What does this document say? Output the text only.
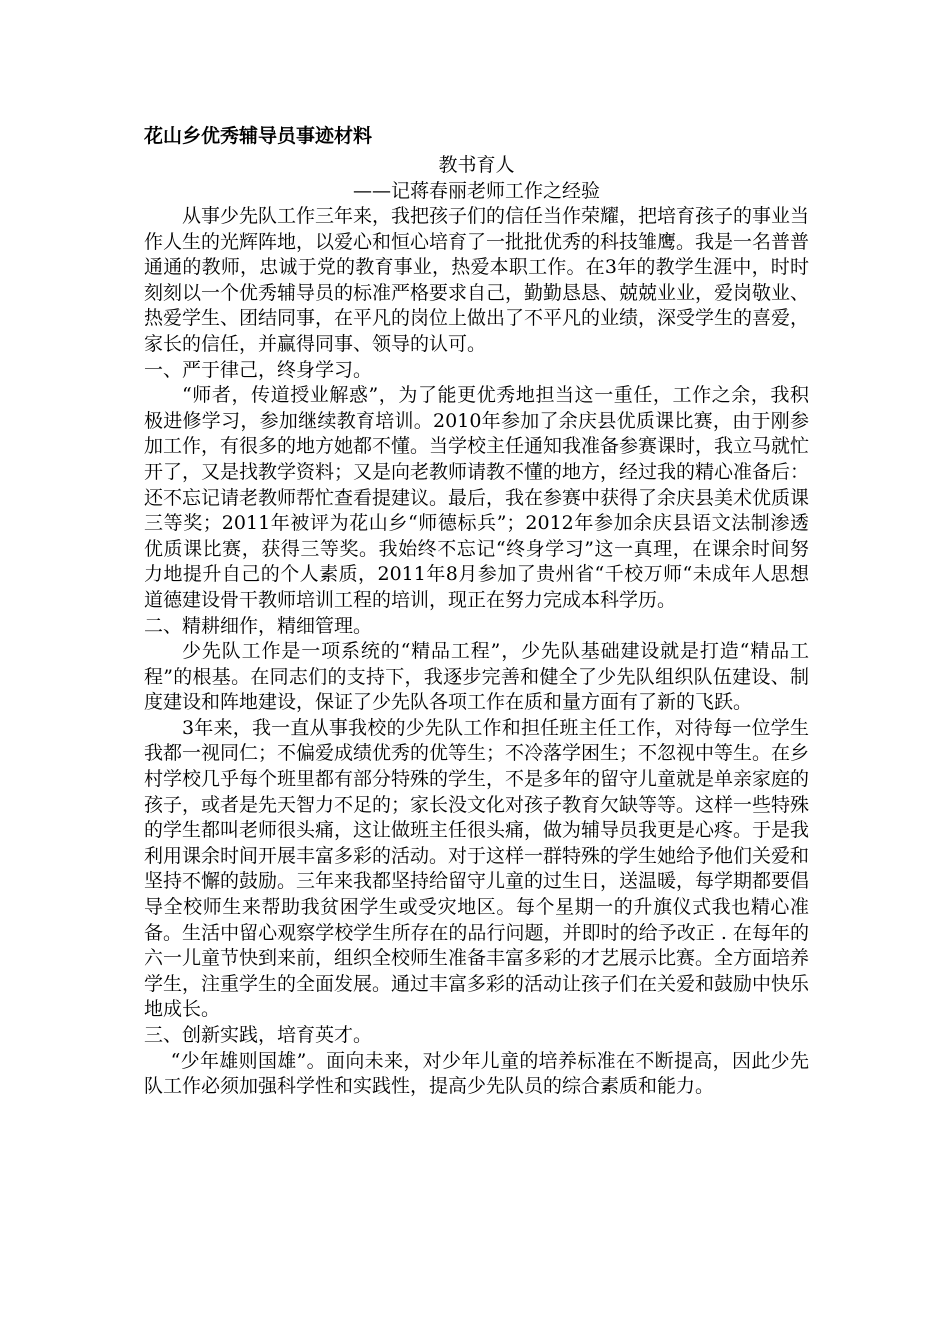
花山乡优秀辅导员事迹材料

教书育人

——记蒋春丽老师工作之经验

从事少先队工作三年来，我把孩子们的信任当作荣耀，把培育孩子的事业当作人生的光辉阵地，以爱心和恒心培育了一批批优秀的科技雏鹰。我是一名普普通通的教师，忠诚于党的教育事业，热爱本职工作。在3年的教学生涯中，时时刻刻以一个优秀辅导员的标准严格要求自己，勤勤恳恳、兢兢业业，爱岗敬业、热爱学生、团结同事，在平凡的岗位上做出了不平凡的业绩，深受学生的喜爱，家长的信任，并赢得同事、领导的认可。

一、严于律己，终身学习。

“师者，传道授业解惑”，为了能更优秀地担当这一重任，工作之余，我积极进修学习，参加继续教育培训。2010年参加了余庆县优质课比赛，由于刚参加工作，有很多的地方她都不懂。当学校主任通知我准备参赛课时，我立马就忙开了，又是找教学资料；又是向老教师请教不懂的地方，经过我的精心准备后：还不忘记请老教师帮忙查看提建议。最后，我在参赛中获得了余庆县美术优质课三等奖；2011年被评为花山乡“师德标兵”；2012年参加余庆县语文法制渗透优质课比赛，获得三等奖。我始终不忘记“终身学习”这一真理，在课余时间努力地提升自己的个人素质，2011年8月参加了贵州省“千校万师“未成年人思想道德建设骨干教师培训工程的培训，现正在努力完成本科学历。

二、精耕细作，精细管理。

少先队工作是一项系统的“精品工程”，少先队基础建设就是打造“精品工程”的根基。在同志们的支持下，我逐步完善和健全了少先队组织队伍建设、制度建设和阵地建设，保证了少先队各项工作在质和量方面有了新的飞跃。

3年来，我一直从事我校的少先队工作和担任班主任工作，对待每一位学生我都一视同仁；不偏爱成绩优秀的优等生；不冷落学困生；不忽视中等生。在乡村学校几乎每个班里都有部分特殊的学生，不是多年的留守儿童就是单亲家庭的孩子，或者是先天智力不足的；家长没文化对孩子教育欠缺等等。这样一些特殊的学生都叫老师很头痛，这让做班主任很头痛，做为辅导员我更是心疼。于是我利用课余时间开展丰富多彩的活动。对于这样一群特殊的学生她给予他们关爱和坚持不懈的鼓励。三年来我都坚持给留守儿童的过生日，送温暖，每学期都要倡导全校师生来帮助我贫困学生或受灾地区。每个星期一的升旗仪式我也精心准备。生活中留心观察学校学生所存在的品行问题，并即时的给予改正 . 在每年的六一儿童节快到来前，组织全校师生准备丰富多彩的才艺展示比赛。全方面培养学生，注重学生的全面发展。通过丰富多彩的活动让孩子们在关爱和鼓励中快乐地成长。

三、创新实践，培育英才。

“少年雄则国雄”。面向未来，对少年儿童的培养标准在不断提高，因此少先队工作必须加强科学性和实践性，提高少先队员的综合素质和能力。
